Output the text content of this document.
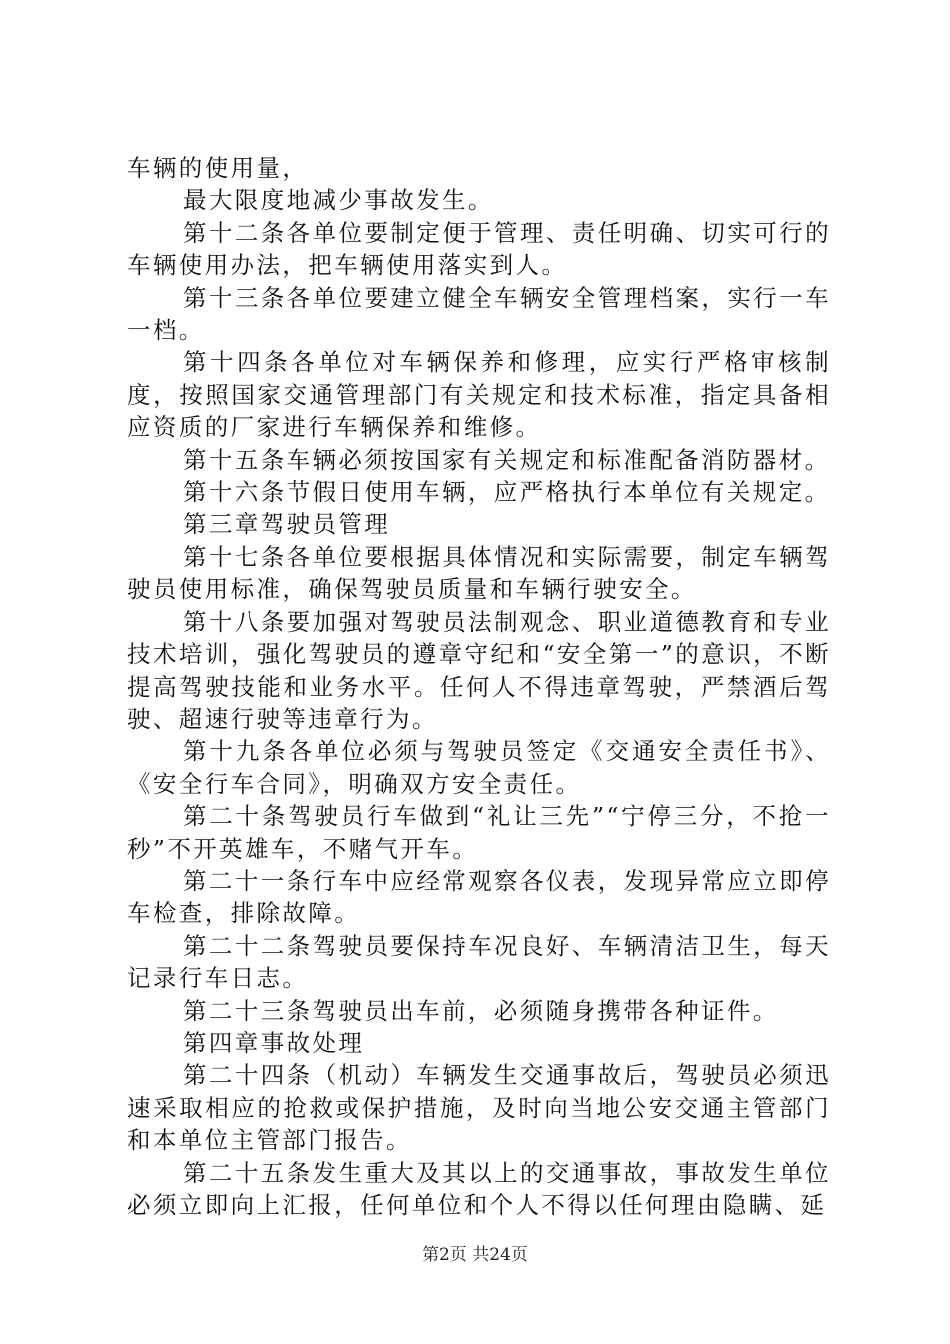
车辆的使用量，

最大限度地减少事故发生。

第十二条各单位要制定便于管理、责任明确、切实可行的车辆使用办法，把车辆使用落实到人。

第十三条各单位要建立健全车辆安全管理档案，实行一车一档。

第十四条各单位对车辆保养和修理，应实行严格审核制度，按照国家交通管理部门有关规定和技术标准，指定具备相应资质的厂家进行车辆保养和维修。

第十五条车辆必须按国家有关规定和标准配备消防器材。

第十六条节假日使用车辆，应严格执行本单位有关规定。

第三章驾驶员管理

第十七条各单位要根据具体情况和实际需要，制定车辆驾驶员使用标准，确保驾驶员质量和车辆行驶安全。

第十八条要加强对驾驶员法制观念、职业道德教育和专业技术培训，强化驾驶员的遵章守纪和“安全第一”的意识，不断提高驾驶技能和业务水平。任何人不得违章驾驶，严禁酒后驾驶、超速行驶等违章行为。

第十九条各单位必须与驾驶员签定《交通安全责任书》、《安全行车合同》，明确双方安全责任。

第二十条驾驶员行车做到“礼让三先”“宁停三分，不抢一秒”不开英雄车，不赌气开车。

第二十一条行车中应经常观察各仪表，发现异常应立即停车检查，排除故障。

第二十二条驾驶员要保持车况良好、车辆清洁卫生，每天记录行车日志。

第二十三条驾驶员出车前，必须随身携带各种证件。

第四章事故处理

第二十四条（机动）车辆发生交通事故后，驾驶员必须迅速采取相应的抢救或保护措施，及时向当地公安交通主管部门和本单位主管部门报告。

第二十五条发生重大及其以上的交通事故，事故发生单位必须立即向上汇报，任何单位和个人不得以任何理由隐瞒、延

第2页 共24页
